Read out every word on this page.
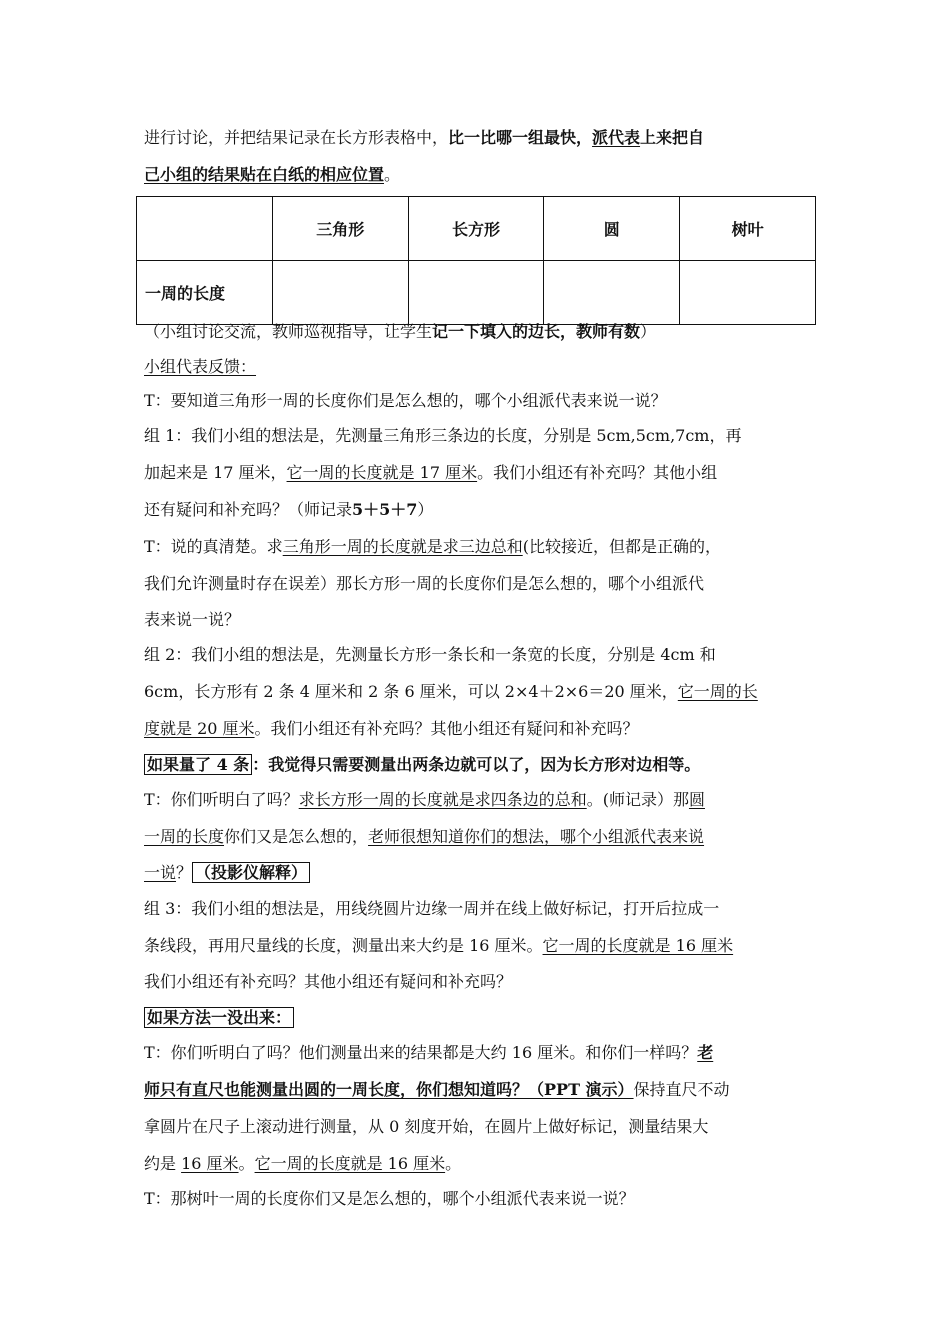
进行讨论，并把结果记录在长方形表格中，比一比哪一组最快，派代表上来把自
己小组的结果贴在白纸的相应位置。
	三角形	长方形	圆	树叶
一周的长度				
（小组讨论交流，教师巡视指导，让学生记一下填入的边长，教师有数）
小组代表反馈：
T：要知道三角形一周的长度你们是怎么想的，哪个小组派代表来说一说？
组 1：我们小组的想法是，先测量三角形三条边的长度，分别是 5cm,5cm,7cm，再
加起来是 17 厘米，它一周的长度就是 17 厘米。我们小组还有补充吗？其他小组
还有疑问和补充吗？（师记录5＋5＋7）
T：说的真清楚。求三角形一周的长度就是求三边总和(比较接近，但都是正确的，
我们允许测量时存在误差）那长方形一周的长度你们是怎么想的，哪个小组派代
表来说一说？
组 2：我们小组的想法是，先测量长方形一条长和一条宽的长度，分别是 4cm 和
6cm，长方形有 2 条 4 厘米和 2 条 6 厘米，可以 2×4＋2×6＝20 厘米，它一周的长
度就是 20 厘米。我们小组还有补充吗？其他小组还有疑问和补充吗？
如果量了 4 条 ：我觉得只需要测量出两条边就可以了，因为长方形对边相等。
T：你们听明白了吗？求长方形一周的长度就是求四条边的总和。(师记录）那圆
一周的长度你们又是怎么想的，老师很想知道你们的想法，哪个小组派代表来说
一说？ （投影仪解释）
组 3：我们小组的想法是，用线绕圆片边缘一周并在线上做好标记，打开后拉成一
条线段，再用尺量线的长度，测量出来大约是 16 厘米。它一周的长度就是 16 厘米
我们小组还有补充吗？其他小组还有疑问和补充吗？
如果方法一没出来：
T：你们听明白了吗？他们测量出来的结果都是大约 16 厘米。和你们一样吗？老
师只有直尺也能测量出圆的一周长度，你们想知道吗？（PPT 演示）保持直尺不动
拿圆片在尺子上滚动进行测量，从 0 刻度开始，在圆片上做好标记，测量结果大
约是 16 厘米。它一周的长度就是 16 厘米。
T：那树叶一周的长度你们又是怎么想的，哪个小组派代表来说一说？
